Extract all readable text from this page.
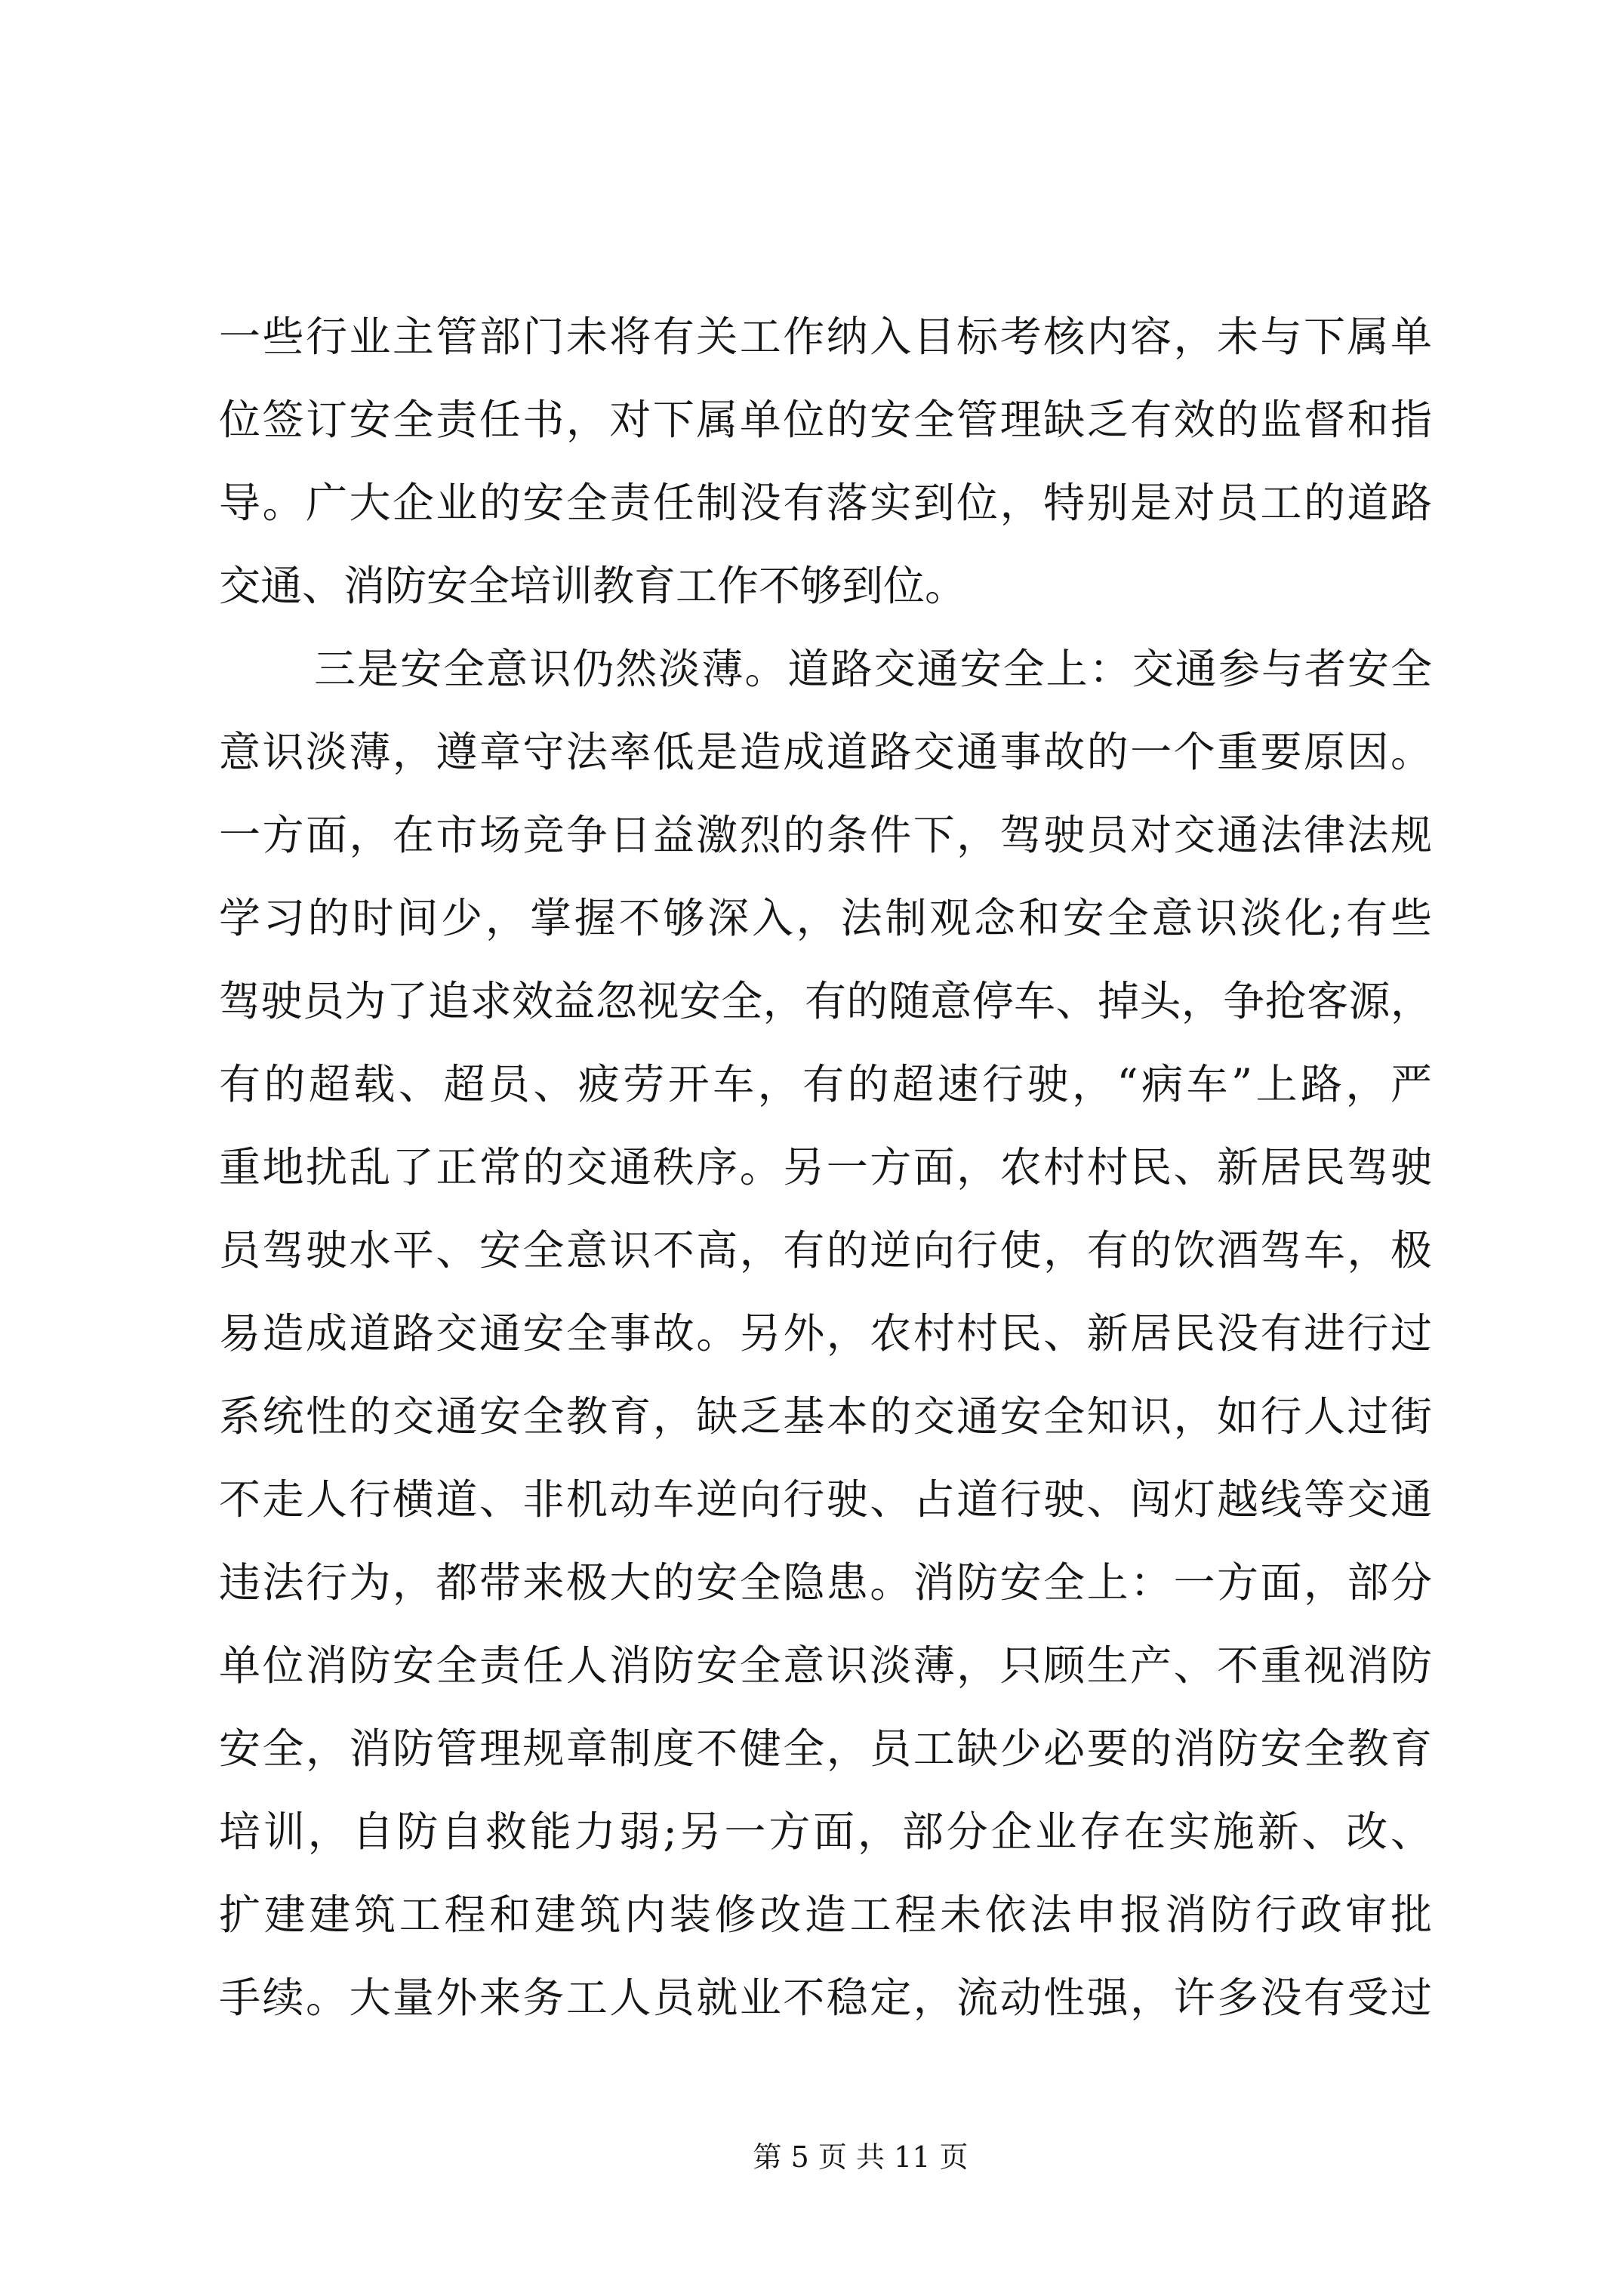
一些行业主管部门未将有关工作纳入目标考核内容，未与下属单
位签订安全责任书，对下属单位的安全管理缺乏有效的监督和指
导。广大企业的安全责任制没有落实到位，特别是对员工的道路
交通、消防安全培训教育工作不够到位。
三是安全意识仍然淡薄。道路交通安全上：交通参与者安全
意识淡薄，遵章守法率低是造成道路交通事故的一个重要原因。
一方面，在市场竞争日益激烈的条件下，驾驶员对交通法律法规
学习的时间少，掌握不够深入，法制观念和安全意识淡化;有些
驾驶员为了追求效益忽视安全，有的随意停车、掉头，争抢客源，
有的超载、超员、疲劳开车，有的超速行驶，“病车”上路，严
重地扰乱了正常的交通秩序。另一方面，农村村民、新居民驾驶
员驾驶水平、安全意识不高，有的逆向行使，有的饮酒驾车，极
易造成道路交通安全事故。另外，农村村民、新居民没有进行过
系统性的交通安全教育，缺乏基本的交通安全知识，如行人过街
不走人行横道、非机动车逆向行驶、占道行驶、闯灯越线等交通
违法行为，都带来极大的安全隐患。消防安全上：一方面，部分
单位消防安全责任人消防安全意识淡薄，只顾生产、不重视消防
安全，消防管理规章制度不健全，员工缺少必要的消防安全教育
培训，自防自救能力弱;另一方面，部分企业存在实施新、改、
扩建建筑工程和建筑内装修改造工程未依法申报消防行政审批
手续。大量外来务工人员就业不稳定，流动性强，许多没有受过
第 5 页 共 11 页
